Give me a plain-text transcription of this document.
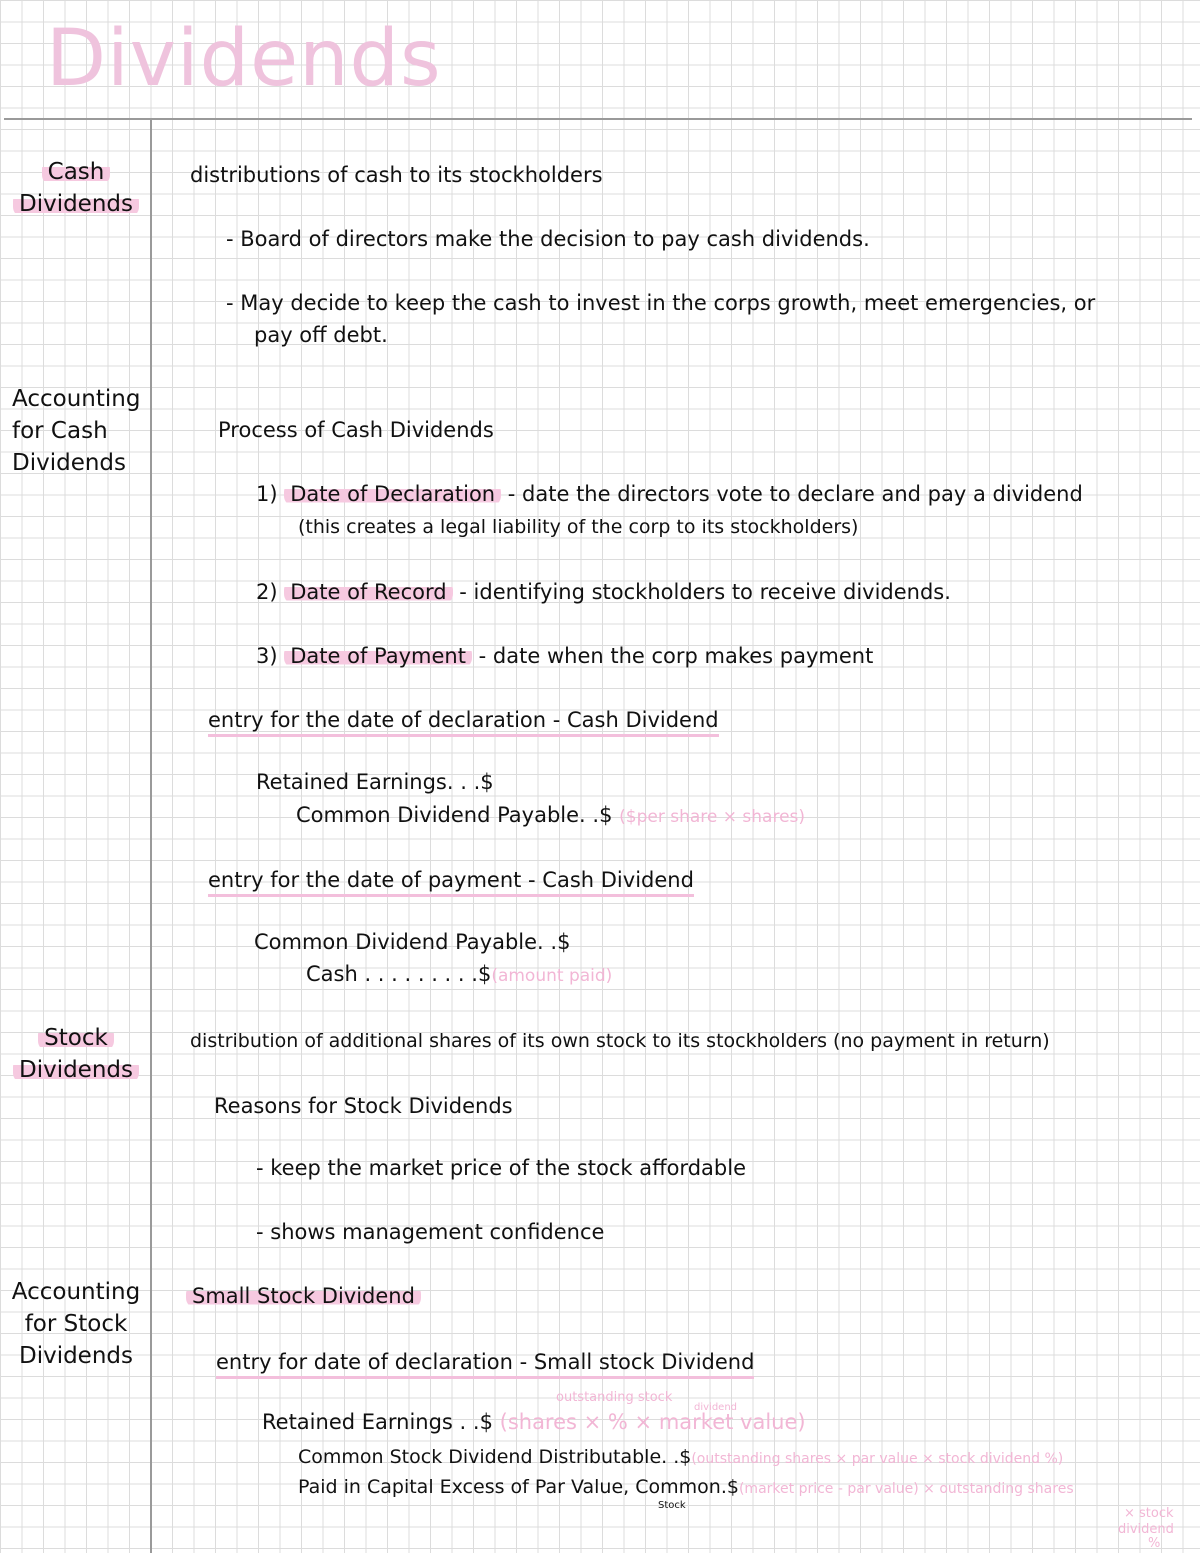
Dividends
Cash
Dividends
Accounting
for Cash
Dividends
Stock
Dividends
Accounting
for Stock
Dividends
distributions of cash to its stockholders
- Board of directors make the decision to pay cash dividends.
- May decide to keep the cash to invest in the corps growth, meet emergencies, or
pay off debt.
Process of Cash Dividends
1) Date of Declaration - date the directors vote to declare and pay a dividend
(this creates a legal liability of the corp to its stockholders)
2) Date of Record - identifying stockholders to receive dividends.
3) Date of Payment - date when the corp makes payment
entry for the date of declaration - Cash Dividend
Retained Earnings. . .$
Common Dividend Payable. .$ ($per share × shares)
entry for the date of payment - Cash Dividend
Common Dividend Payable. .$
Cash . . . . . . . . .$(amount paid)
distribution of additional shares of its own stock to its stockholders (no payment in return)
Reasons for Stock Dividends
- keep the market price of the stock affordable
- shows management confidence
Small Stock Dividend
entry for date of declaration - Small stock Dividend
outstanding stock
dividend
Retained Earnings . .$ (shares × % × market value)
Common Stock Dividend Distributable. .$(outstanding shares × par value × stock dividend %)
Paid in Capital Excess of Par Value, Common.$(market price - par value) × outstanding shares
Stock
× stock
dividend
%
